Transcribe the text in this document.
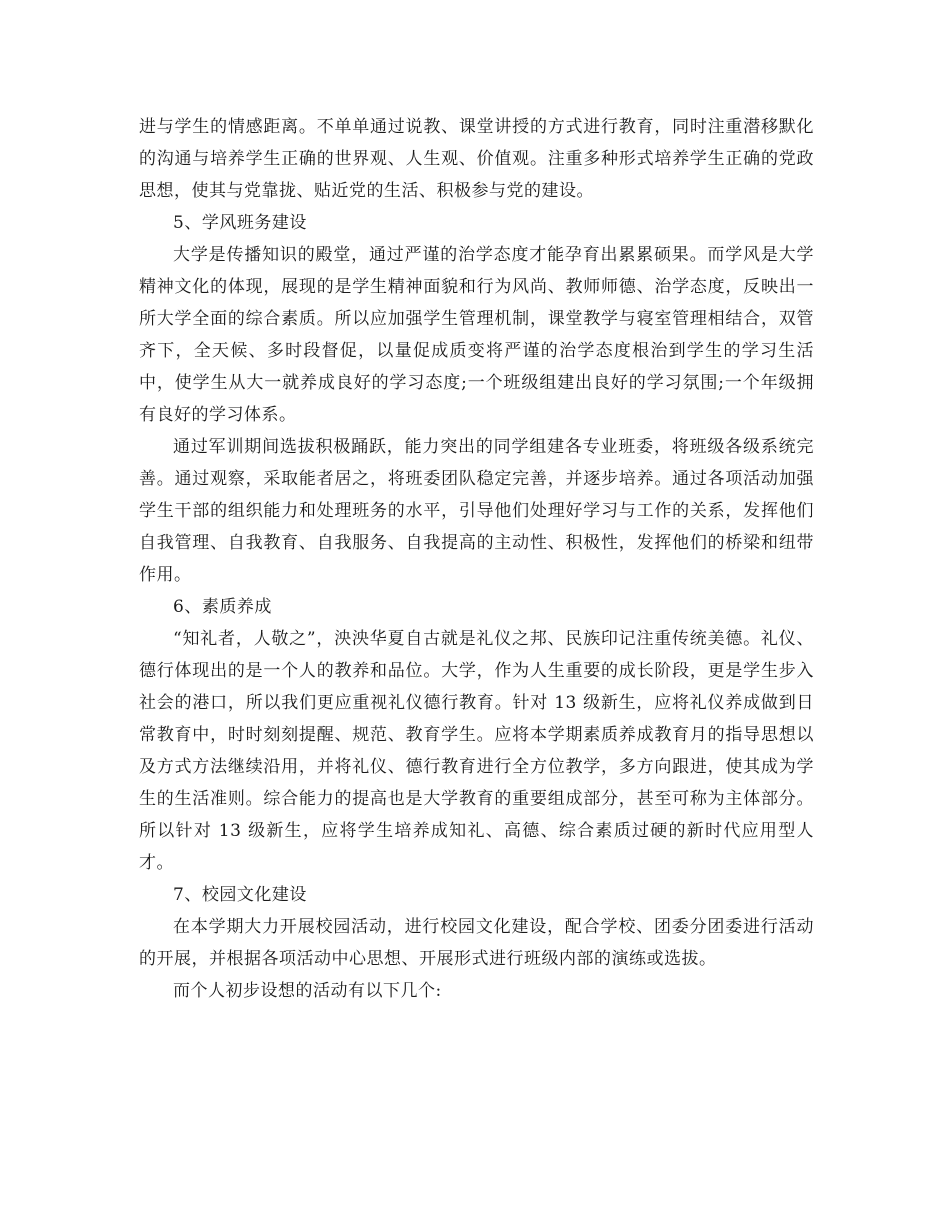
进与学生的情感距离。不单单通过说教、课堂讲授的方式进行教育，同时注重潜移默化的沟通与培养学生正确的世界观、人生观、价值观。注重多种形式培养学生正确的党政思想，使其与党靠拢、贴近党的生活、积极参与党的建设。

5、学风班务建设

大学是传播知识的殿堂，通过严谨的治学态度才能孕育出累累硕果。而学风是大学精神文化的体现，展现的是学生精神面貌和行为风尚、教师师德、治学态度，反映出一所大学全面的综合素质。所以应加强学生管理机制，课堂教学与寝室管理相结合，双管齐下，全天候、多时段督促，以量促成质变将严谨的治学态度根治到学生的学习生活中，使学生从大一就养成良好的学习态度;一个班级组建出良好的学习氛围;一个年级拥有良好的学习体系。

通过军训期间选拔积极踊跃，能力突出的同学组建各专业班委，将班级各级系统完善。通过观察，采取能者居之，将班委团队稳定完善，并逐步培养。通过各项活动加强学生干部的组织能力和处理班务的水平，引导他们处理好学习与工作的关系，发挥他们自我管理、自我教育、自我服务、自我提高的主动性、积极性，发挥他们的桥梁和纽带作用。

6、素质养成

“知礼者，人敬之”，泱泱华夏自古就是礼仪之邦、民族印记注重传统美德。礼仪、德行体现出的是一个人的教养和品位。大学，作为人生重要的成长阶段，更是学生步入社会的港口，所以我们更应重视礼仪德行教育。针对 13 级新生，应将礼仪养成做到日常教育中，时时刻刻提醒、规范、教育学生。应将本学期素质养成教育月的指导思想以及方式方法继续沿用，并将礼仪、德行教育进行全方位教学，多方向跟进，使其成为学生的生活准则。综合能力的提高也是大学教育的重要组成部分，甚至可称为主体部分。所以针对 13 级新生，应将学生培养成知礼、高德、综合素质过硬的新时代应用型人才。

7、校园文化建设

在本学期大力开展校园活动，进行校园文化建设，配合学校、团委分团委进行活动的开展，并根据各项活动中心思想、开展形式进行班级内部的演练或选拔。

而个人初步设想的活动有以下几个:
